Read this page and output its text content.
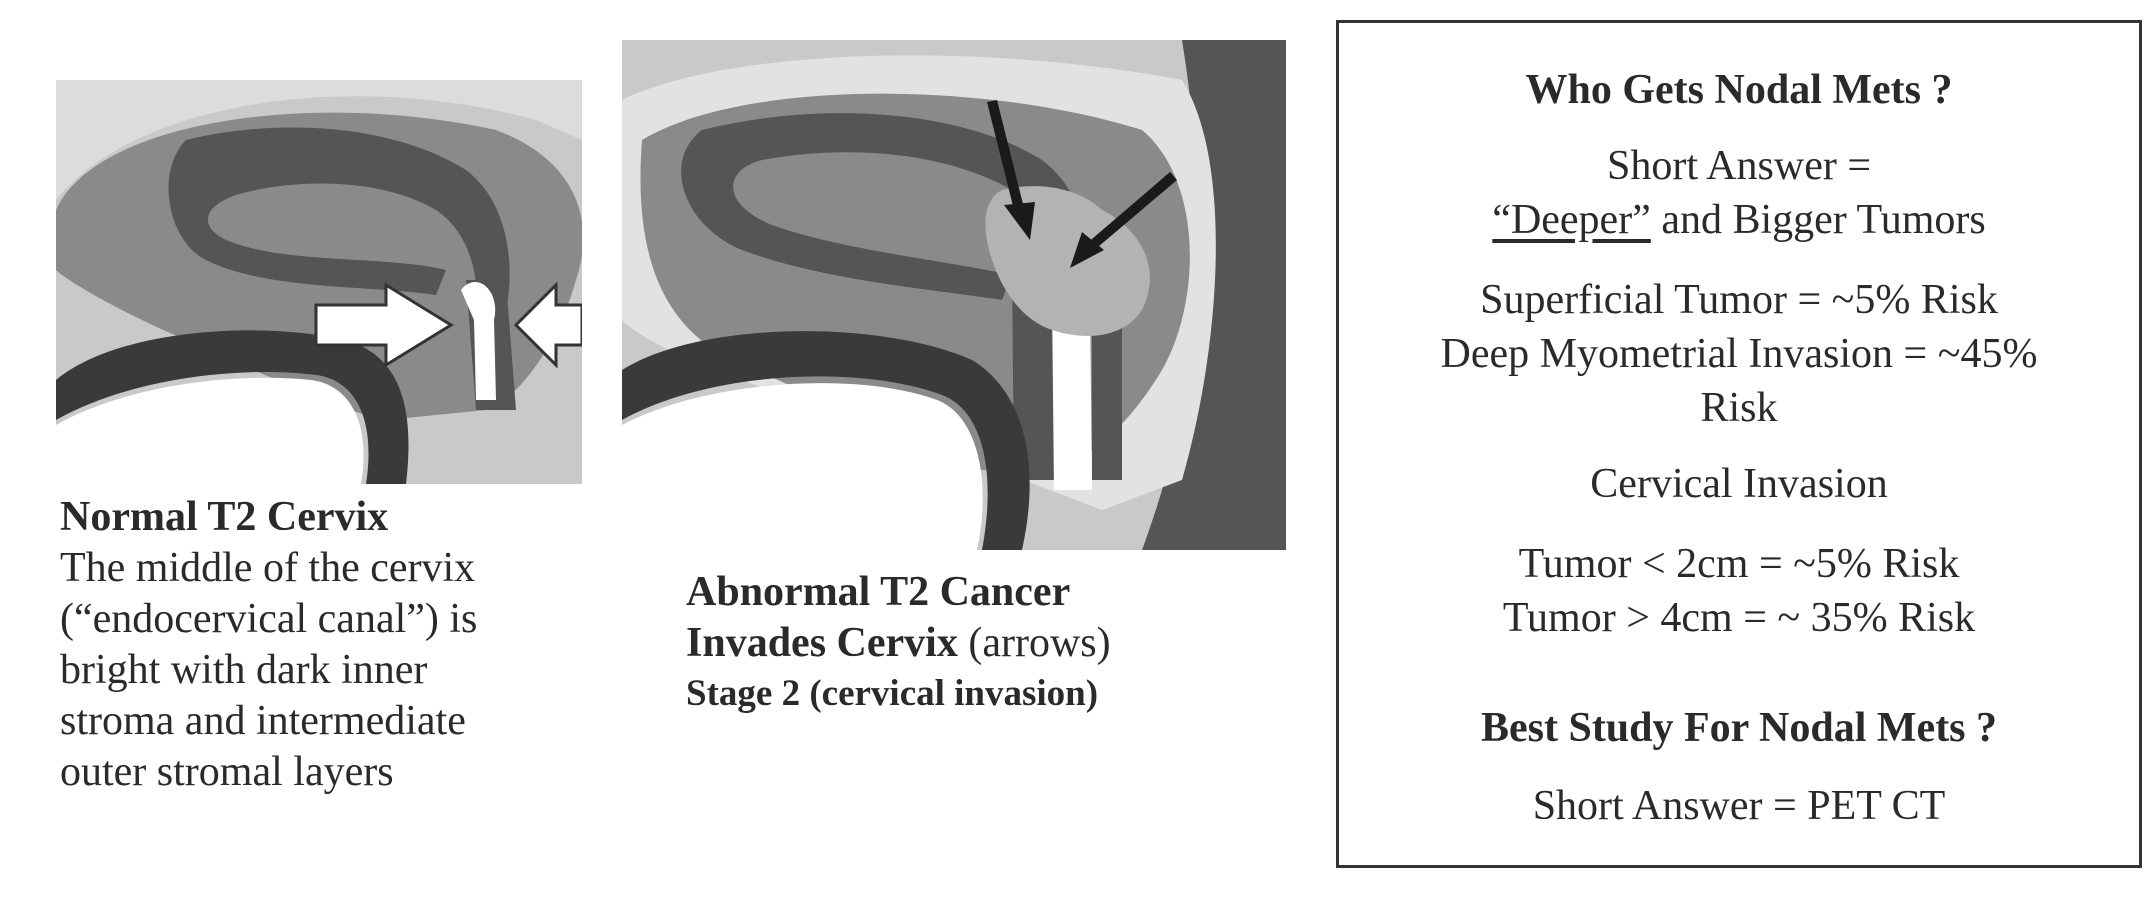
Normal T2 Cervix
The middle of the cervix
(“endocervical canal”) is
bright with dark inner
stroma and intermediate
outer stromal layers
Abnormal T2 Cancer
Invades Cervix (arrows)
Stage 2 (cervical invasion)
Who Gets Nodal Mets ?
Short Answer =
“Deeper” and Bigger Tumors
Superficial Tumor = ~5% Risk
Deep Myometrial Invasion = ~45%
Risk
Cervical Invasion
Tumor < 2cm = ~5% Risk
Tumor > 4cm = ~ 35% Risk
Best Study For Nodal Mets ?
Short Answer = PET CT
